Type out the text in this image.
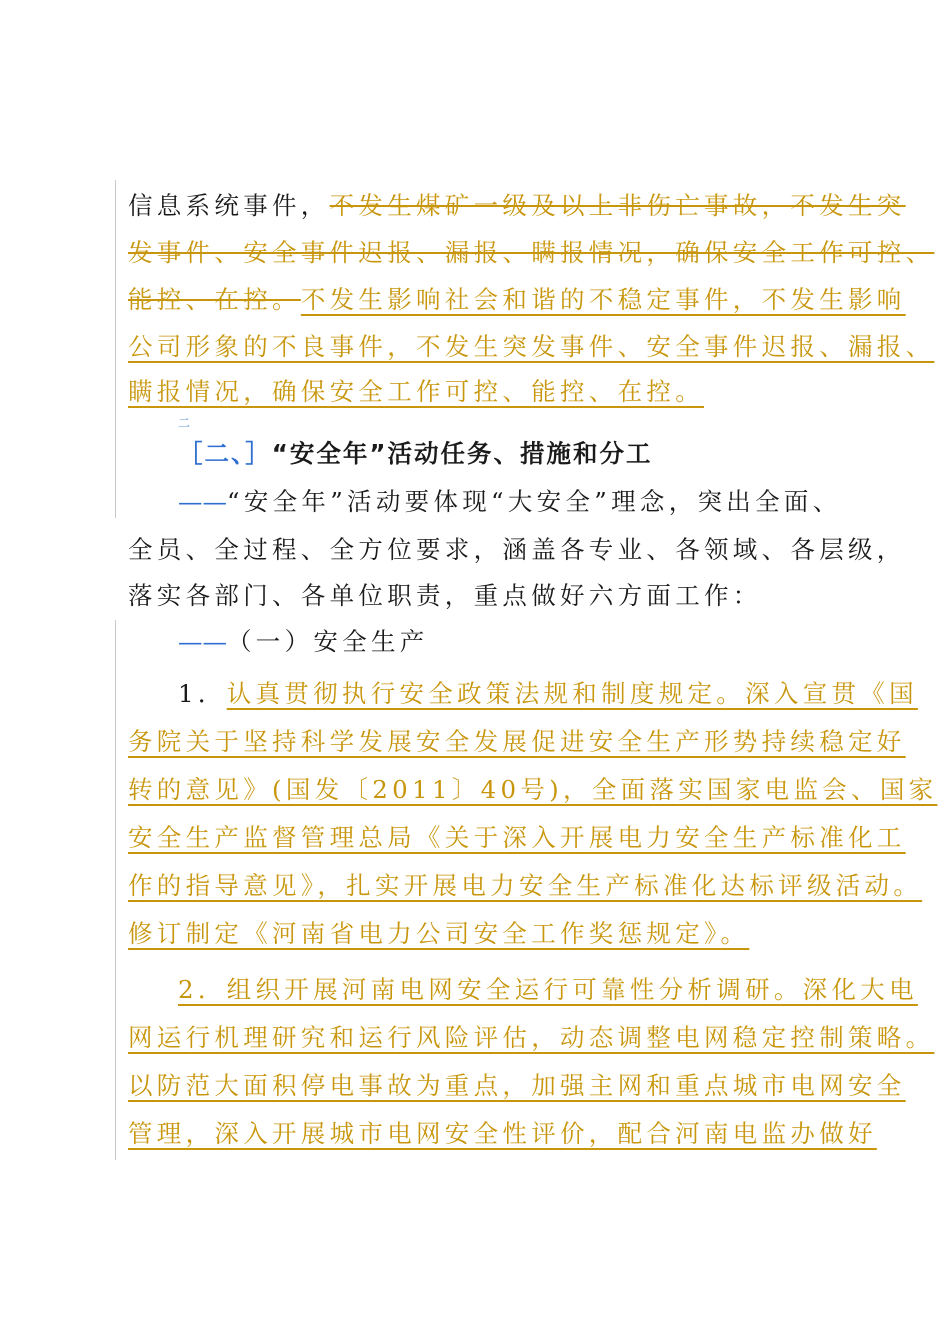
信息系统事件，不发生煤矿一级及以上非伤亡事故，不发生突
发事件、安全事件迟报、漏报、瞒报情况，确保安全工作可控、
能控、在控。不发生影响社会和谐的不稳定事件，不发生影响
公司形象的不良事件，不发生突发事件、安全事件迟报、漏报、
瞒报情况，确保安全工作可控、能控、在控。
二
［二、］“安全年”活动任务、措施和分工
——“安全年”活动要体现“大安全”理念，突出全面、
全员、全过程、全方位要求，涵盖各专业、各领域、各层级，
落实各部门、各单位职责，重点做好六方面工作：
——（一）安全生产
1．认真贯彻执行安全政策法规和制度规定。深入宣贯《国
务院关于坚持科学发展安全发展促进安全生产形势持续稳定好
转的意见》(国发〔2011〕40号)，全面落实国家电监会、国家
安全生产监督管理总局《关于深入开展电力安全生产标准化工
作的指导意见》，扎实开展电力安全生产标准化达标评级活动。
修订制定《河南省电力公司安全工作奖惩规定》。
2．组织开展河南电网安全运行可靠性分析调研。深化大电
网运行机理研究和运行风险评估，动态调整电网稳定控制策略。
以防范大面积停电事故为重点，加强主网和重点城市电网安全
管理，深入开展城市电网安全性评价，配合河南电监办做好
